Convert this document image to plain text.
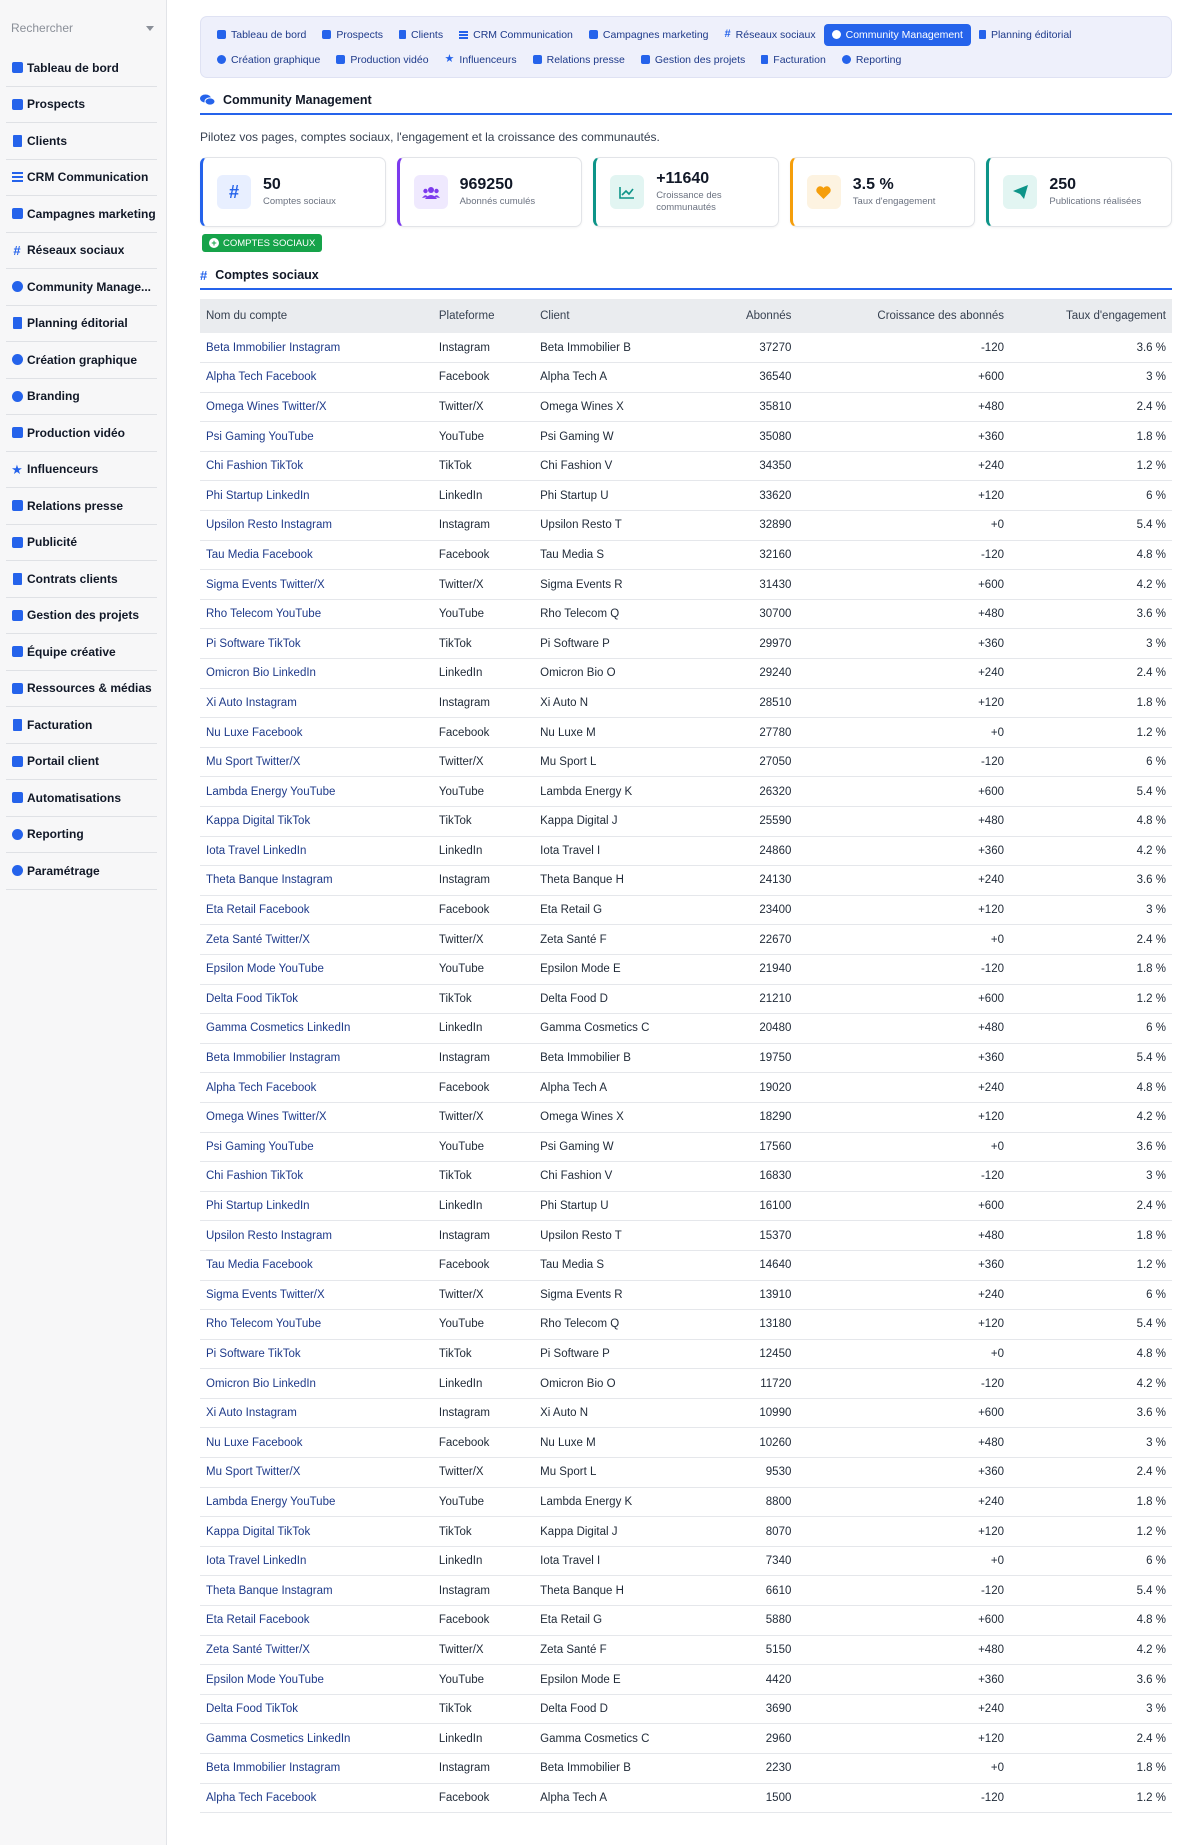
Rechercher
Tableau de bord
Prospects
Clients
CRM Communication
Campagnes marketing
# Réseaux sociaux
Community Manage...
Planning éditorial
Création graphique
Branding
Production vidéo
★ Influenceurs
Relations presse
Publicité
Contrats clients
Gestion des projets
Équipe créative
Ressources & médias
Facturation
Portail client
Automatisations
Reporting
Paramétrage
Tableau de bord	Prospects	Clients	CRM Communication	Campagnes marketing # Réseaux sociaux	Community Management	Planning éditorial
Création graphique	Production vidéo ★ Influenceurs	Relations presse	Gestion des projets	Facturation	Reporting
Community Management
Pilotez vos pages, comptes sociaux, l'engagement et la croissance des communautés.
# 50
Comptes sociaux
969250
Abonnés cumulés
+11640
Croissance des communautés
3.5 %
Taux d'engagement
250
Publications réalisées
+ COMPTES SOCIAUX
# Comptes sociaux
Nom du compte	Plateforme	Client	Abonnés	Croissance des abonnés	Taux d'engagement
Beta Immobilier Instagram	Instagram	Beta Immobilier B	37270	-120	3.6 %
Alpha Tech Facebook	Facebook	Alpha Tech A	36540	+600	3 %
Omega Wines Twitter/X	Twitter/X	Omega Wines X	35810	+480	2.4 %
Psi Gaming YouTube	YouTube	Psi Gaming W	35080	+360	1.8 %
Chi Fashion TikTok	TikTok	Chi Fashion V	34350	+240	1.2 %
Phi Startup LinkedIn	LinkedIn	Phi Startup U	33620	+120	6 %
Upsilon Resto Instagram	Instagram	Upsilon Resto T	32890	+0	5.4 %
Tau Media Facebook	Facebook	Tau Media S	32160	-120	4.8 %
Sigma Events Twitter/X	Twitter/X	Sigma Events R	31430	+600	4.2 %
Rho Telecom YouTube	YouTube	Rho Telecom Q	30700	+480	3.6 %
Pi Software TikTok	TikTok	Pi Software P	29970	+360	3 %
Omicron Bio LinkedIn	LinkedIn	Omicron Bio O	29240	+240	2.4 %
Xi Auto Instagram	Instagram	Xi Auto N	28510	+120	1.8 %
Nu Luxe Facebook	Facebook	Nu Luxe M	27780	+0	1.2 %
Mu Sport Twitter/X	Twitter/X	Mu Sport L	27050	-120	6 %
Lambda Energy YouTube	YouTube	Lambda Energy K	26320	+600	5.4 %
Kappa Digital TikTok	TikTok	Kappa Digital J	25590	+480	4.8 %
Iota Travel LinkedIn	LinkedIn	Iota Travel I	24860	+360	4.2 %
Theta Banque Instagram	Instagram	Theta Banque H	24130	+240	3.6 %
Eta Retail Facebook	Facebook	Eta Retail G	23400	+120	3 %
Zeta Santé Twitter/X	Twitter/X	Zeta Santé F	22670	+0	2.4 %
Epsilon Mode YouTube	YouTube	Epsilon Mode E	21940	-120	1.8 %
Delta Food TikTok	TikTok	Delta Food D	21210	+600	1.2 %
Gamma Cosmetics LinkedIn	LinkedIn	Gamma Cosmetics C	20480	+480	6 %
Beta Immobilier Instagram	Instagram	Beta Immobilier B	19750	+360	5.4 %
Alpha Tech Facebook	Facebook	Alpha Tech A	19020	+240	4.8 %
Omega Wines Twitter/X	Twitter/X	Omega Wines X	18290	+120	4.2 %
Psi Gaming YouTube	YouTube	Psi Gaming W	17560	+0	3.6 %
Chi Fashion TikTok	TikTok	Chi Fashion V	16830	-120	3 %
Phi Startup LinkedIn	LinkedIn	Phi Startup U	16100	+600	2.4 %
Upsilon Resto Instagram	Instagram	Upsilon Resto T	15370	+480	1.8 %
Tau Media Facebook	Facebook	Tau Media S	14640	+360	1.2 %
Sigma Events Twitter/X	Twitter/X	Sigma Events R	13910	+240	6 %
Rho Telecom YouTube	YouTube	Rho Telecom Q	13180	+120	5.4 %
Pi Software TikTok	TikTok	Pi Software P	12450	+0	4.8 %
Omicron Bio LinkedIn	LinkedIn	Omicron Bio O	11720	-120	4.2 %
Xi Auto Instagram	Instagram	Xi Auto N	10990	+600	3.6 %
Nu Luxe Facebook	Facebook	Nu Luxe M	10260	+480	3 %
Mu Sport Twitter/X	Twitter/X	Mu Sport L	9530	+360	2.4 %
Lambda Energy YouTube	YouTube	Lambda Energy K	8800	+240	1.8 %
Kappa Digital TikTok	TikTok	Kappa Digital J	8070	+120	1.2 %
Iota Travel LinkedIn	LinkedIn	Iota Travel I	7340	+0	6 %
Theta Banque Instagram	Instagram	Theta Banque H	6610	-120	5.4 %
Eta Retail Facebook	Facebook	Eta Retail G	5880	+600	4.8 %
Zeta Santé Twitter/X	Twitter/X	Zeta Santé F	5150	+480	4.2 %
Epsilon Mode YouTube	YouTube	Epsilon Mode E	4420	+360	3.6 %
Delta Food TikTok	TikTok	Delta Food D	3690	+240	3 %
Gamma Cosmetics LinkedIn	LinkedIn	Gamma Cosmetics C	2960	+120	2.4 %
Beta Immobilier Instagram	Instagram	Beta Immobilier B	2230	+0	1.8 %
Alpha Tech Facebook	Facebook	Alpha Tech A	1500	-120	1.2 %
